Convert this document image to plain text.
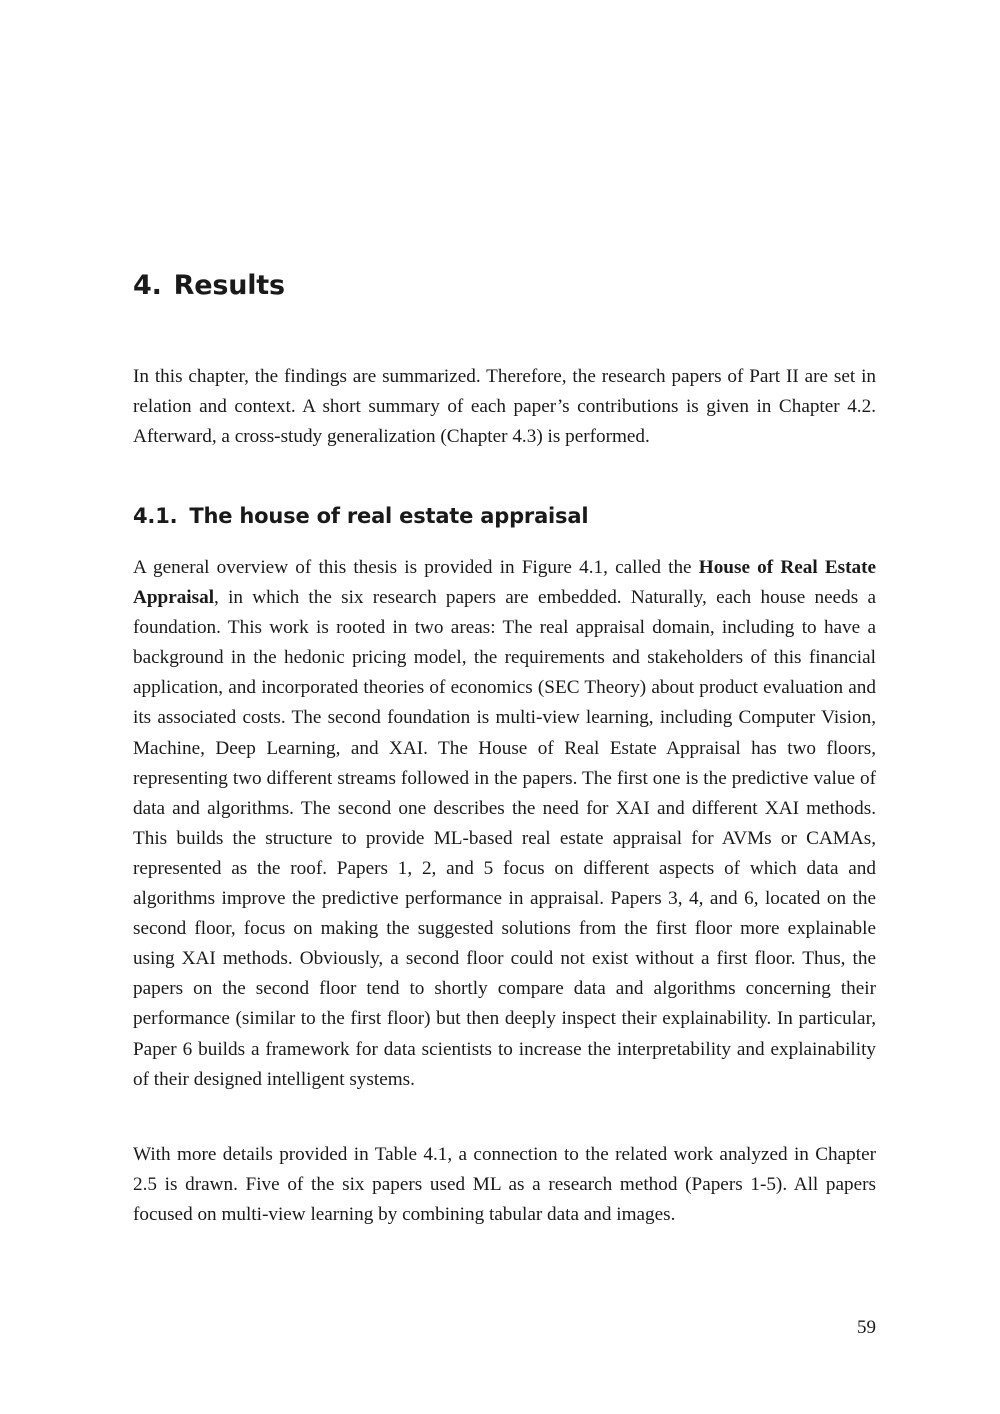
4. Results

In this chapter, the findings are summarized. Therefore, the research papers of Part II are set in relation and context. A short summary of each paper’s contributions is given in Chapter 4.2. Afterward, a cross-study generalization (Chapter 4.3) is performed.

4.1. The house of real estate appraisal

A general overview of this thesis is provided in Figure 4.1, called the House of Real Estate Appraisal, in which the six research papers are embedded. Naturally, each house needs a foundation. This work is rooted in two areas: The real appraisal domain, including to have a background in the hedonic pricing model, the requirements and stakeholders of this financial application, and incorporated theories of economics (SEC Theory) about product evaluation and its associated costs. The second foundation is multi-view learning, including Computer Vision, Machine, Deep Learning, and XAI. The House of Real Estate Appraisal has two floors, representing two different streams followed in the papers. The first one is the predictive value of data and algorithms. The second one describes the need for XAI and different XAI methods. This builds the structure to provide ML-based real estate appraisal for AVMs or CAMAs, represented as the roof. Papers 1, 2, and 5 focus on different aspects of which data and algorithms improve the predictive performance in appraisal. Papers 3, 4, and 6, located on the second floor, focus on making the suggested solutions from the first floor more explainable using XAI methods. Obviously, a second floor could not exist without a first floor. Thus, the papers on the second floor tend to shortly compare data and algorithms concerning their performance (similar to the first floor) but then deeply inspect their explainability. In particular, Paper 6 builds a framework for data scientists to increase the interpretability and explainability of their designed intelligent systems.

With more details provided in Table 4.1, a connection to the related work analyzed in Chapter 2.5 is drawn. Five of the six papers used ML as a research method (Papers 1-5). All papers focused on multi-view learning by combining tabular data and images.

59
